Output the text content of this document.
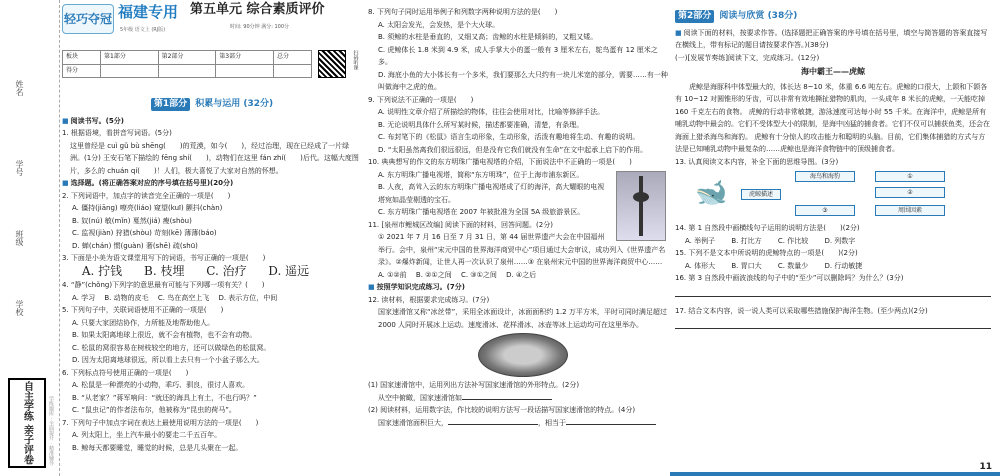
姓名
学号
班级
学校
自主学练 亲子评卷	学练题库 · 全面提升 · 精准辅导
轻巧夺冠 福建专用
5年级 语文上 (RJ版)
第五单元 综合素质评价
时间: 90分钟 满分: 100分
板块	第1部分	第2部分	第3部分	总分
得分					扫码听课
第1部分 积累与运用 (32分)
■ 阅读书写。(5分)
1. 根据语境，看拼音写词语。(5分)
这里曾经是 cuì ɡǔ bù shēnɡ(　　)的荒漠，如今(　　)，经过治理，现在已经成了一片绿洲。(1分) 王安石笔下描绘的 fēnɡ shí(　　)，动物们在这里 fán zhí(　　)后代。这幅大度图片，多么的 chuán qí(　　)！人们，极大喜悦了大家对自然的怀想。
■ 选择题。(将正确答案对应的序号填在括号里)(20分)
2. 下列词语中，加点字的读音完全正确的一项是(　　)
A. 僵持(jiānɡ) 嘹亮(liáo) 窥望(kuī) 颤抖(chàn)
B. 奴(nú) 敏(mǐn) 戛然(jiá) 瘦(shòu)
C. 监视(jiàn) 狩猎(shòu) 苛刻(kē) 薄薄(báo)
D. 蝉(chán) 惯(ɡuàn) 奢(shē) 疏(shū)
3. 下面是小美为语文课堂用写下的词语，书写正确的一项是(　　)
A. 拧钱 B. 枝埋 C. 治疗 D. 遥远
4. “静”(chǒnɡ)下列字的意思最有可能与下列哪一项有关？(　　)
A. 学习　 B. 动物的皮毛　 C. 鸟在高空上飞　 D. 表示方位，中间
5. 下列句子中，关联词语使用不正确的一项是(　　)
A. 只要大家团结协作，力所能及地帮助他人。
B. 如果太阳离地球上很近，就不会有植物，也不会有动物。
C. 松鼠的窝很容易在树枝较空的地方，还可以做绿色的松鼠窝。
D. 因为太阳离地球很远，所以看上去只有一个小盆子那么大。
6. 下列标点符号使用正确的一项是(　　)
A. 松鼠是一种漂亮的小动物，乖巧、驯良，很讨人喜欢。
B. “从老家？”蒋军响问：“就还的海具上有土，不也行吗？”
C. “鼠虫记”的作者法布尔，他被称为“昆虫的荷马”。
7. 下列句子中加点字词在表达上最使用说明方法的一项是(　　)
A. 列太阳上，坐上汽车最小的要走二千五百年。
B. 鲸每天都要睡觉，睡觉的时候，总是几头聚在一起。
8. 下列句子同时运用举例子和列数字两种说明方法的是(　　)
A. 太阳会发光，会发热，是个大火球。
B. 须鲸的水柱是垂直的，又细又高；齿鲸的水柱是倾斜的，又粗又矮。
C. 虎鲸体长 1.8 米到 4.9 米，成人手掌大小的蛋一般有 3 厘米左右，鸵鸟蛋有 12 厘米之多。
D. 海底小鱼的大小体长有一个多米，我们要那么大只约有一块儿米宽的部分，需要……有一种叫做海中之虎的鱼。
9. 下列说法不正确的一项是(　　)
A. 说明性文章介绍了所描绘的物体，往往会使用对比，比喻等修辞手法。
B. 无论说明具体什么所写某时候，描述都要准确，清楚，有条理。
C. 布封笔下的《松鼠》语言生动形象，生动形象，活泼有趣地将生动、有趣的说明。
D. “太阳虽然离我们很远很远，但是没有它我们就没有生命”在文中起承上启下的作用。
10. 典典想写的作文的东方明珠广播电视塔的介绍，下面说法中不正确的一项是(　　)
A. 东方明珠广播电视塔，简称“东方明珠”，位于上海市浦东新区。
B. 人夜，高耸入云的东方明珠广播电视塔成了灯的海洋，高大耀眼的电视塔宛如晶莹剔透的宝石。
C. 东方明珠广播电视塔在 2007 年被批准为全国 5A 级旅游景区。
11. [泉州市鲤城区改编] 阅读下面的材料，回答问题。(2分)
① 2021 年 7 月 16 日至 7 月 31 日，第 44 届世界遗产大会在中国福州举行。会中，泉州“宋元中国的世界海洋商贸中心”项目通过大会审议，成功列入《世界遗产名录》。②爆炸新闻，让世人再一次认识了泉州……③ 在泉州宋元中国的世界海洋商贸中心……
A. ①②前　 B. ②①之间　 C. ③①之间　 D. ④之后
■ 按照学知识完成练习。(7分)
12. 读材料，根据要求完成练习。(7分)
国家速滑馆又称“冰丝带”，采用全冰面设计，冰面面积约 1.2 万平方米，平时可同时满足超过 2000 人同时开展冰上运动。速度滑冰、花样滑冰、冰壶等冰上运动均可在这里举办。
(1) 国家速滑馆中，运用列出方法补写国家速滑馆的外形特点。(2分)
从空中俯瞰，国家速滑馆如
(2) 阅读材料，运用数字法，作比较的说明方法写一段话描写国家速滑馆的特点。(4分)
国家速滑馆面积巨大，	，相当于
第2部分 阅读与欣赏 (38分)
■ 阅读下面的材料，按要求作答。(选择题把正确答案的序号填在括号里，填空与简答题的答案直接写在横线上，带有标记的题目请按要求作答。)(38分)
(一)[发展节奏练]阅读下文，完成练习。(12分)
海中霸王——虎鲸
虎鲸是海豚科中体型最大的，体长达 8~10 米，体重 6.6 吨左右。虎鲸的口很大，上颌和下颌各有 10~12 对圆锥形的牙齿，可以非常有效地撕扯猎物的肌肉，一头成年 8 米长的虎鲸，一天能吃掉 160 千克左右的食物。 虎鲸的行动非常敏捷，游泳速度可达每小时 55 千米。在海洋中，虎鲸是所有哺乳动物中最会的。它们不受体型大小的限制，是海中凶猛的捕食者。它们不仅可以捕获鱼类，还会在海面上猎杀海鸟和海豹。 虎鲸有十分惊人的攻击能力和聪明的头脑。目前，它们集体捕猎的方式与方法是已知哺乳动物中最复杂的……虎鲸也是海洋食物链中的顶级捕食者。
13. 认真阅读文本内容，补全下面的思维导图。(3分)
🐋	虎鲸描述
海鸟和海豹	①
②
③	周围因素
14. 第 1 自然段中画横线句子运用的说明方法是(　　)(2分)
A. 举例子　　 B. 打比方　　 C. 作比较　　 D. 列数字
15. 下列不是文本中所说明的虎鲸特点的一项是(　　)(2分)
A. 体形大　　 B. 胃口大　　 C. 数量少　　 D. 行动敏捷
16. 第 3 自然段中画波浪线的句子中的“至少”可以删除吗？为什么？(3分)
17. 结合文本内容，说一说人类可以采取哪些措施保护海洋生物。(至少两点)(2分)
11
